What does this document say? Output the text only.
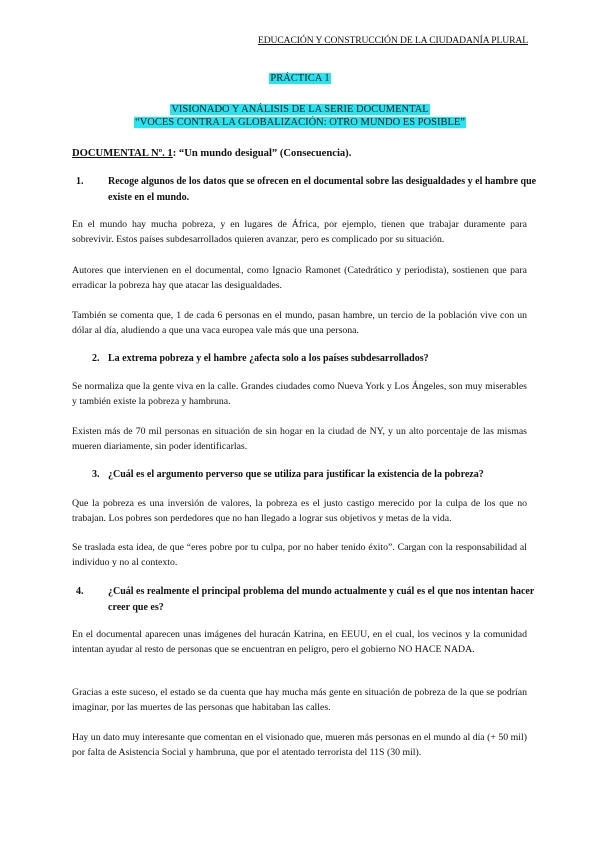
EDUCACIÓN Y CONSTRUCCIÓN DE LA CIUDADANÍA PLURAL
PRÁCTICA 1
VISIONADO Y ANÁLISIS DE LA SERIE DOCUMENTAL
“VOCES CONTRA LA GLOBALIZACIÓN: OTRO MUNDO ES POSIBLE”
DOCUMENTAL Nº. 1: “Un mundo desigual” (Consecuencia).
1. Recoge algunos de los datos que se ofrecen en el documental sobre las desigualdades y el hambre que existe en el mundo.
En el mundo hay mucha pobreza, y en lugares de África, por ejemplo, tienen que trabajar duramente para sobrevivir. Estos países subdesarrollados quieren avanzar, pero es complicado por su situación.
Autores que intervienen en el documental, como Ignacio Ramonet (Catedrático y periodista), sostienen que para erradicar la pobreza hay que atacar las desigualdades.
También se comenta que, 1 de cada 6 personas en el mundo, pasan hambre, un tercio de la población vive con un dólar al día, aludiendo a que una vaca europea vale más que una persona.
2. La extrema pobreza y el hambre ¿afecta solo a los países subdesarrollados?
Se normaliza que la gente viva en la calle. Grandes ciudades como Nueva York y Los Ángeles, son muy miserables y también existe la pobreza y hambruna.
Existen más de 70 mil personas en situación de sin hogar en la ciudad de NY, y un alto porcentaje de las mismas mueren diariamente, sin poder identificarlas.
3. ¿Cuál es el argumento perverso que se utiliza para justificar la existencia de la pobreza?
Que la pobreza es una inversión de valores, la pobreza es el justo castigo merecido por la culpa de los que no trabajan. Los pobres son perdedores que no han llegado a lograr sus objetivos y metas de la vida.
Se traslada esta idea, de que “eres pobre por tu culpa, por no haber tenido éxito”. Cargan con la responsabilidad al individuo y no al contexto.
4. ¿Cuál es realmente el principal problema del mundo actualmente y cuál es el que nos intentan hacer creer que es?
En el documental aparecen unas imágenes del huracán Katrina, en EEUU, en el cual, los vecinos y la comunidad intentan ayudar al resto de personas que se encuentran en peligro, pero el gobierno NO HACE NADA.
Gracias a este suceso, el estado se da cuenta que hay mucha más gente en situación de pobreza de la que se podrían imaginar, por las muertes de las personas que habitaban las calles.
Hay un dato muy interesante que comentan en el visionado que, mueren más personas en el mundo al día (+ 50 mil) por falta de Asistencia Social y hambruna, que por el atentado terrorista del 11S (30 mil).
